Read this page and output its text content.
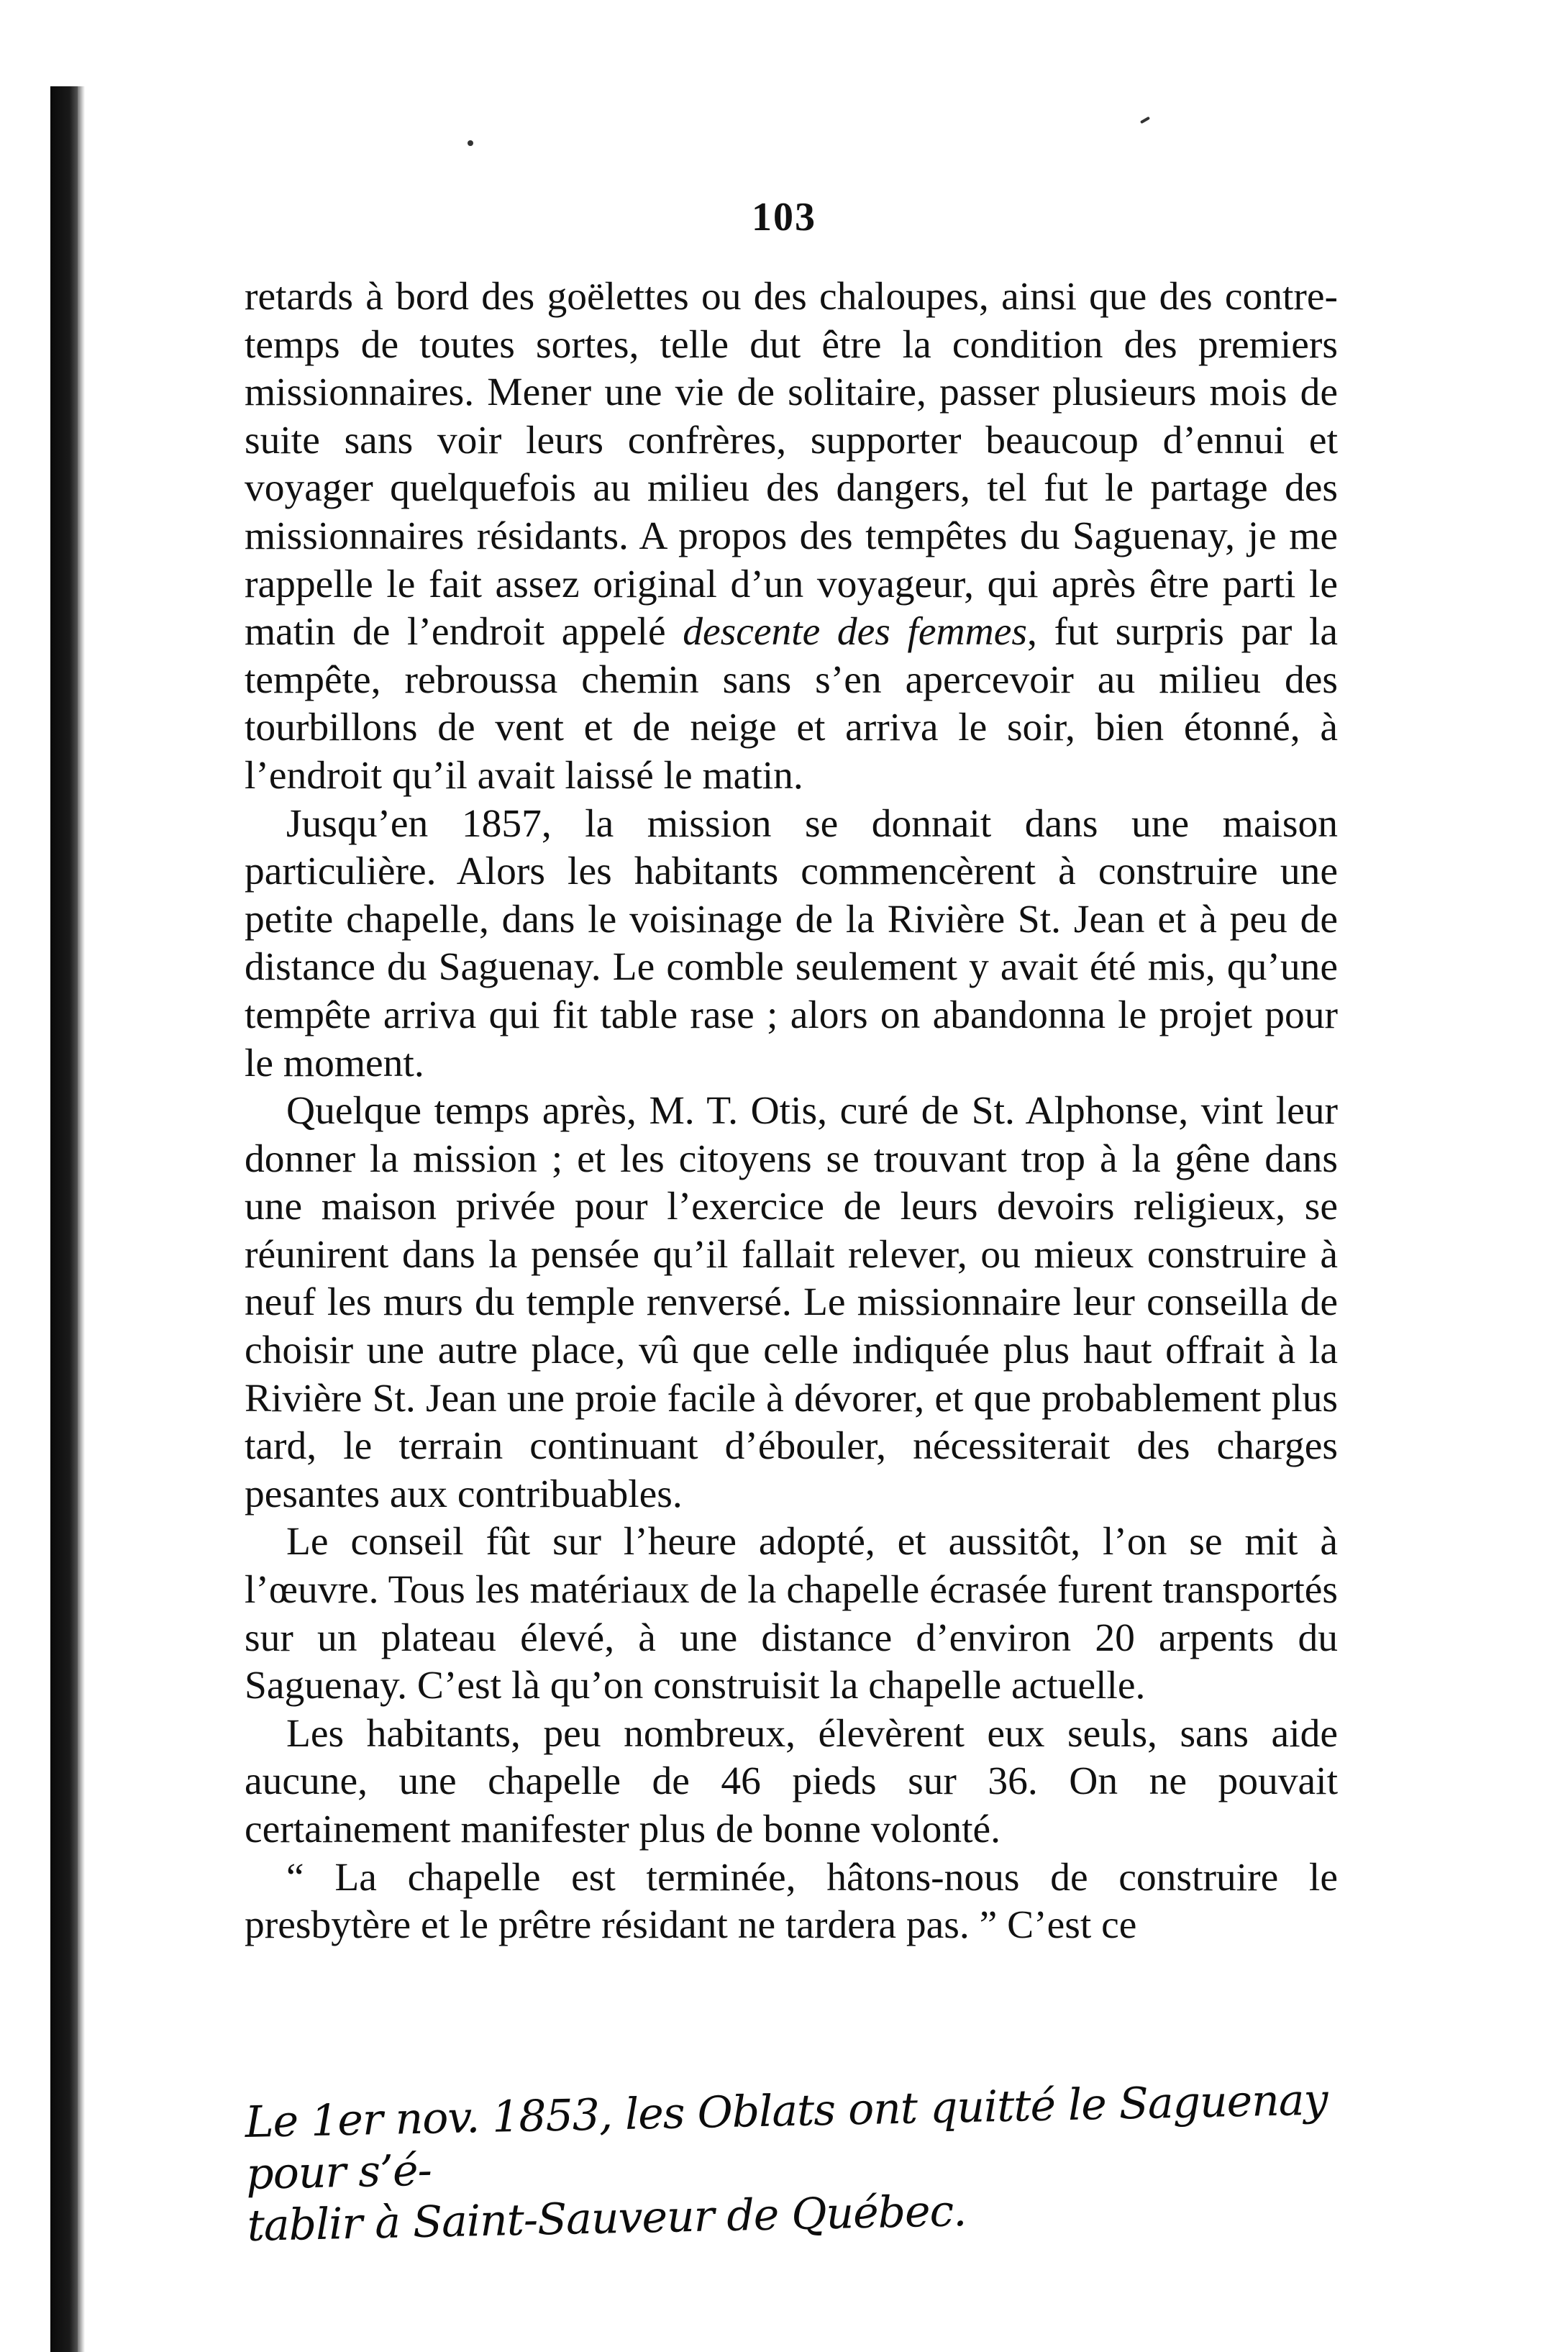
103

retards à bord des goëlettes ou des chaloupes, ainsi que des contre-temps de toutes sortes, telle dut être la condition des premiers missionnaires. Mener une vie de solitaire, passer plusieurs mois de suite sans voir leurs confrères, supporter beaucoup d’ennui et voyager quelquefois au milieu des dangers, tel fut le partage des missionnaires résidants. A propos des tempêtes du Saguenay, je me rappelle le fait assez original d’un voyageur, qui après être parti le matin de l’endroit appelé descente des femmes, fut surpris par la tempête, rebroussa chemin sans s’en apercevoir au milieu des tourbillons de vent et de neige et arriva le soir, bien étonné, à l’endroit qu’il avait laissé le matin.

Jusqu’en 1857, la mission se donnait dans une maison particulière. Alors les habitants commencèrent à construire une petite chapelle, dans le voisinage de la Rivière St. Jean et à peu de distance du Saguenay. Le comble seulement y avait été mis, qu’une tempête arriva qui fit table rase ; alors on abandonna le projet pour le moment.

Quelque temps après, M. T. Otis, curé de St. Alphonse, vint leur donner la mission ; et les citoyens se trouvant trop à la gêne dans une maison privée pour l’exercice de leurs devoirs religieux, se réunirent dans la pensée qu’il fallait relever, ou mieux construire à neuf les murs du temple renversé. Le missionnaire leur conseilla de choisir une autre place, vû que celle indiquée plus haut offrait à la Rivière St. Jean une proie facile à dévorer, et que probablement plus tard, le terrain continuant d’ébouler, nécessiterait des charges pesantes aux contribuables.

Le conseil fût sur l’heure adopté, et aussitôt, l’on se mit à l’œuvre. Tous les matériaux de la chapelle écrasée furent transportés sur un plateau élevé, à une distance d’environ 20 arpents du Saguenay. C’est là qu’on construisit la chapelle actuelle.

Les habitants, peu nombreux, élevèrent eux seuls, sans aide aucune, une chapelle de 46 pieds sur 36. On ne pouvait certainement manifester plus de bonne volonté.

“ La chapelle est terminée, hâtons-nous de construire le presbytère et le prêtre résidant ne tardera pas. ” C’est ce

Le 1er nov. 1853, les Oblats ont quitté le Saguenay pour s’é-
tablir à Saint-Sauveur de Québec.
